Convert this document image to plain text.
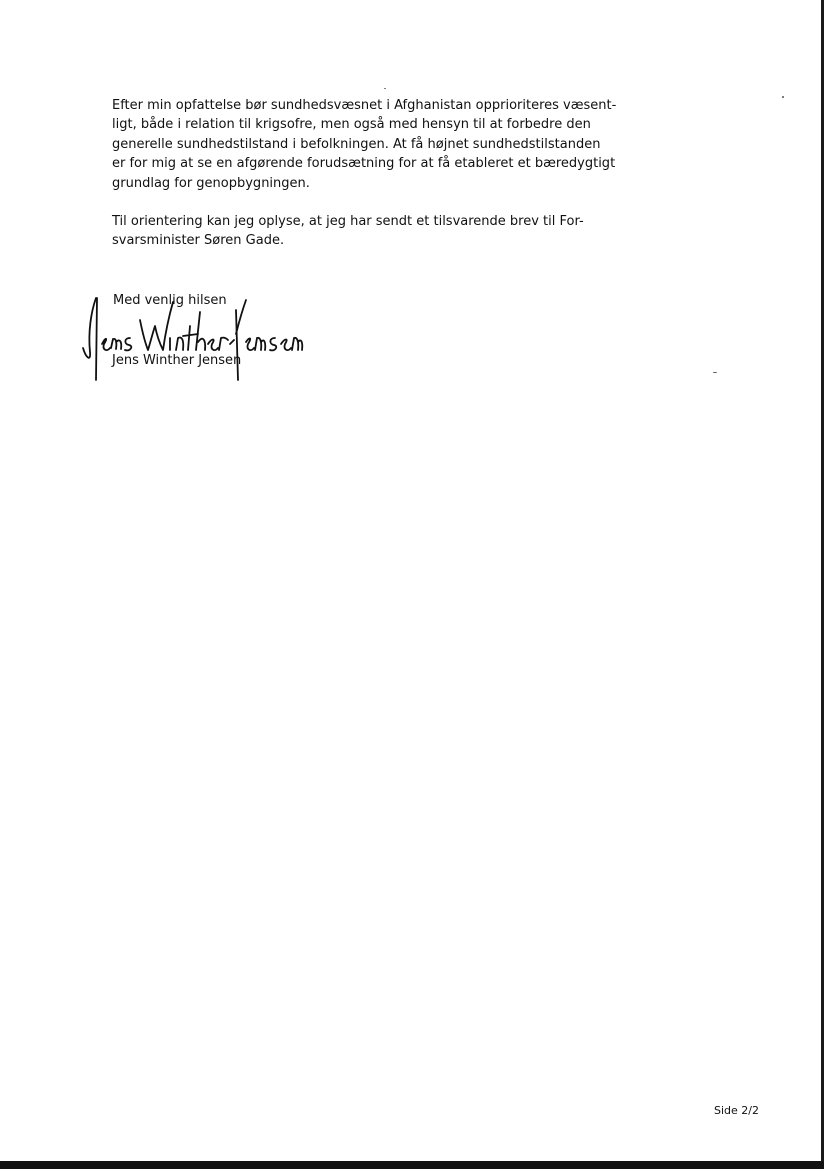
Efter min opfattelse bør sundhedsvæsnet i Afghanistan opprioriteres væsent-
ligt, både i relation til krigsofre, men også med hensyn til at forbedre den
generelle sundhedstilstand i befolkningen. At få højnet sundhedstilstanden
er for mig at se en afgørende forudsætning for at få etableret et bæredygtigt
grundlag for genopbygningen.

Til orientering kan jeg oplyse, at jeg har sendt et tilsvarende brev til For-
svarsminister Søren Gade.

Med venlig hilsen
Jens Winther Jensen
Side 2/2
